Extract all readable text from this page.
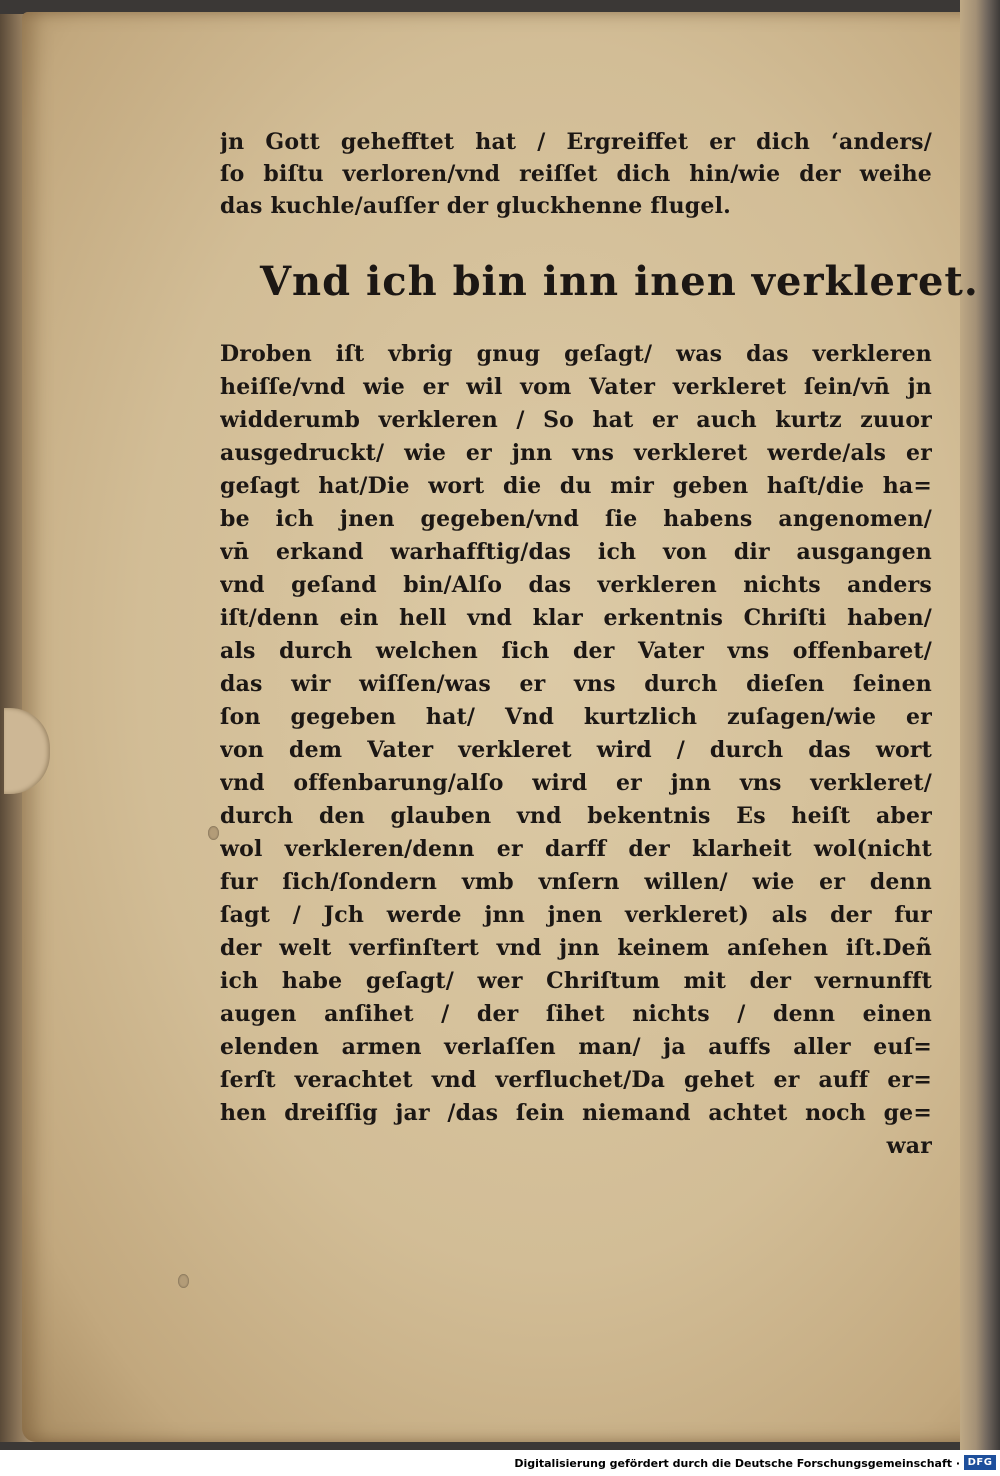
jn Gott geheﬀtet hat / Ergreiﬀet er dich ‘anders/
ſo biſtu verloren/vnd reiſſet dich hin/wie der weihe
das kuchle/auſſer der gluckhenne flugel.
Vnd ich bin inn inen verkleret.
Droben iſt vbrig gnug geſagt/ was das verkleren
heiſſe/vnd wie er wil vom Vater verkleret ſein/vn̄ jn
widderumb verkleren / So hat er auch kurtz zuuor
ausgedruckt/ wie er jnn vns verkleret werde/als er
geſagt hat/Die wort die du mir geben haſt/die ha=
be ich jnen gegeben/vnd ſie habens angenomen/
vn̄ erkand warhafftig/das ich von dir ausgangen
vnd geſand bin/Alſo das verkleren nichts anders
iſt/denn ein hell vnd klar erkentnis Chriſti haben/
als durch welchen ſich der Vater vns offenbaret/
das wir wiſſen/was er vns durch dieſen ſeinen
ſon gegeben hat/ Vnd kurtzlich zuſagen/wie er
von dem Vater verkleret wird / durch das wort
vnd offenbarung/alſo wird er jnn vns verkleret/
durch den glauben vnd bekentnis Es heiſt aber
wol verkleren/denn er darff der klarheit wol(nicht
fur ſich/ſondern vmb vnſern willen/ wie er denn
ſagt / Jch werde jnn jnen verkleret) als der fur
der welt verfinſtert vnd jnn keinem anſehen iſt.Deñ
ich habe geſagt/ wer Chriſtum mit der vernunfft
augen anſihet / der ſihet nichts / denn einen
elenden armen verlaſſen man/ ja auffs aller euſ=
ſerſt verachtet vnd verfluchet/Da gehet er auff er=
hen dreiſſig jar /das ſein niemand achtet noch ge=
war
Digitalisierung gefördert durch die Deutsche Forschungsgemeinschaft · DFG
